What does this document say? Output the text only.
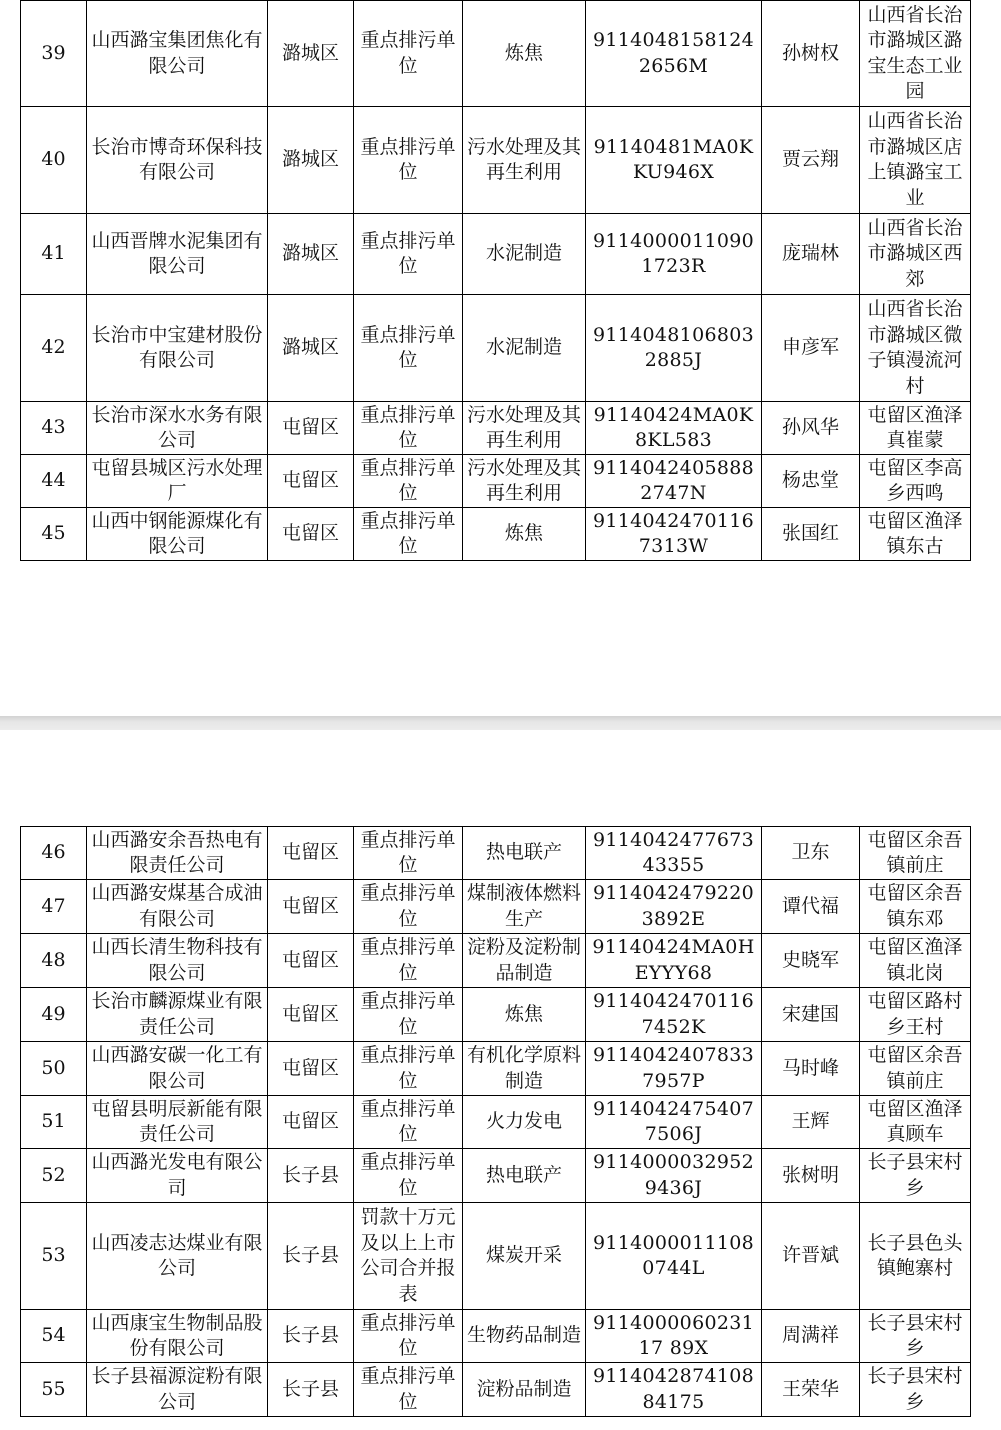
39	山西潞宝集团焦化有限公司	潞城区	重点排污单位	炼焦	91140481581242656M	孙树权	山西省长治市潞城区潞宝生态工业园
40	长治市博奇环保科技有限公司	潞城区	重点排污单位	污水处理及其再生利用	91140481MA0KKU946X	贾云翔	山西省长治市潞城区店上镇潞宝工业
41	山西晋牌水泥集团有限公司	潞城区	重点排污单位	水泥制造	91140000110901723R	庞瑞林	山西省长治市潞城区西郊
42	长治市中宝建材股份有限公司	潞城区	重点排污单位	水泥制造	91140481068032885J	申彦军	山西省长治市潞城区微子镇漫流河村
43	长治市深水水务有限公司	屯留区	重点排污单位	污水处理及其再生利用	91140424MA0K8KL583	孙风华	屯留区渔泽真崔蒙
44	屯留县城区污水处理厂	屯留区	重点排污单位	污水处理及其再生利用	91140424058882747N	杨忠堂	屯留区李高乡西鸣
45	山西中钢能源煤化有限公司	屯留区	重点排污单位	炼焦	91140424701167313W	张国红	屯留区渔泽镇东古
46	山西潞安余吾热电有限责任公司	屯留区	重点排污单位	热电联产	911404247767343355	卫东	屯留区余吾镇前庄
47	山西潞安煤基合成油有限公司	屯留区	重点排污单位	煤制液体燃料生产	91140424792203892E	谭代福	屯留区余吾镇东邓
48	山西长清生物科技有限公司	屯留区	重点排污单位	淀粉及淀粉制品制造	91140424MA0HEYYY68	史晓军	屯留区渔泽镇北岗
49	长治市麟源煤业有限责任公司	屯留区	重点排污单位	炼焦	91140424701167452K	宋建国	屯留区路村乡王村
50	山西潞安碳一化工有限公司	屯留区	重点排污单位	有机化学原料制造	91140424078337957P	马时峰	屯留区余吾镇前庄
51	屯留县明辰新能有限责任公司	屯留区	重点排污单位	火力发电	91140424754077506J	王辉	屯留区渔泽真顾车
52	山西潞光发电有限公司	长子县	重点排污单位	热电联产	91140000329529436J	张树明	长子县宋村乡
53	山西凌志达煤业有限公司	长子县	罚款十万元及以上上市公司合并报表	煤炭开采	91140000111080744L	许晋斌	长子县色头镇鲍寨村
54	山西康宝生物制品股份有限公司	长子县	重点排污单位	生物药品制造	911400006023117 89X	周满祥	长子县宋村乡
55	长子县福源淀粉有限公司	长子县	重点排污单位	淀粉品制造	911404287410884175	王荣华	长子县宋村乡
